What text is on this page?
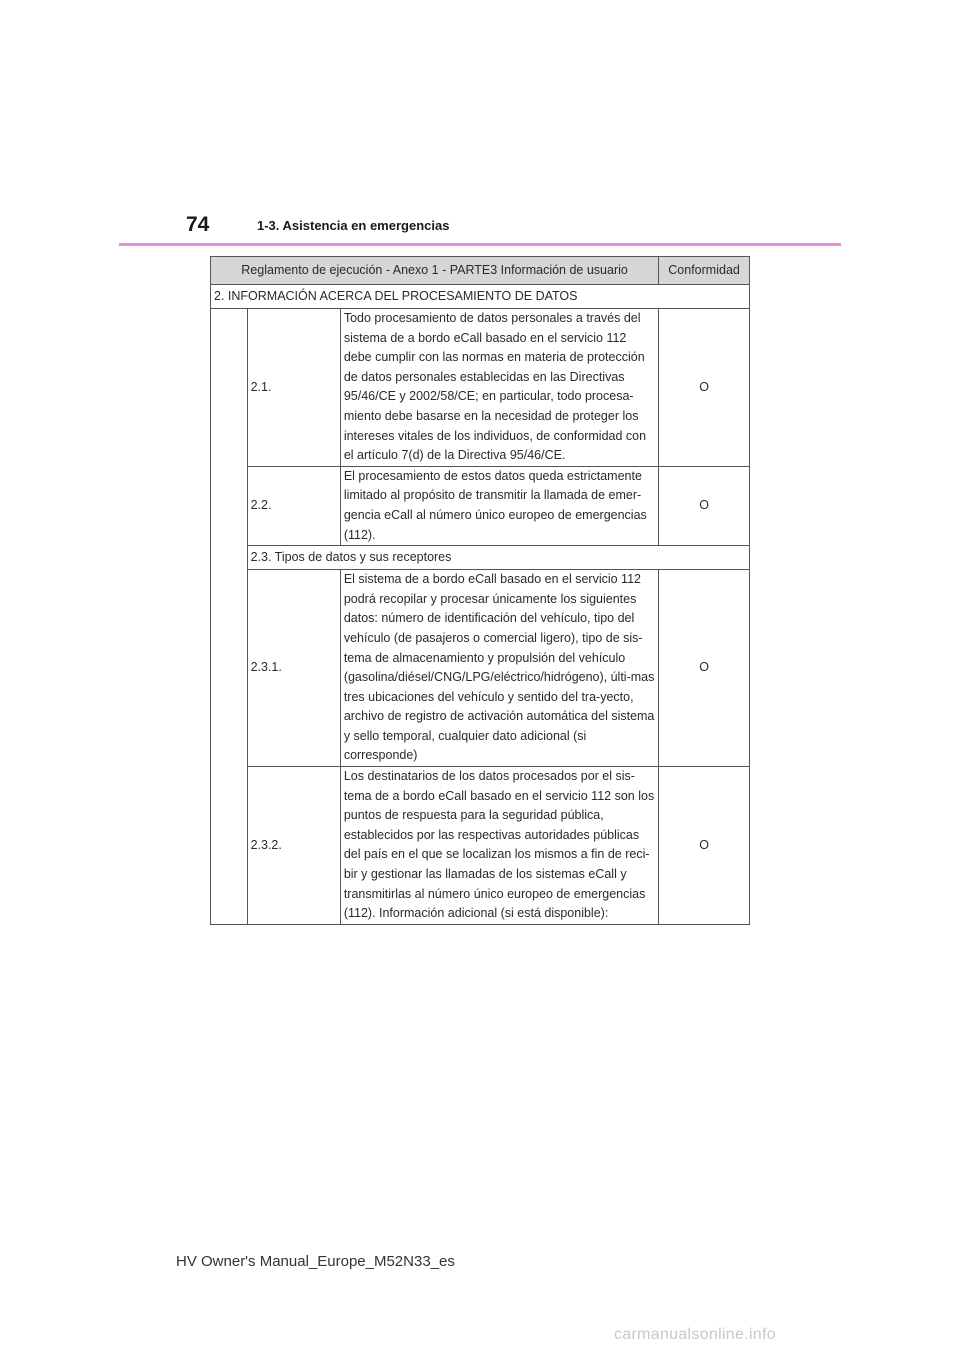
74	1-3. Asistencia en emergencias
Reglamento de ejecución - Anexo 1 - PARTE3 Información de usuario			Conformidad
2. INFORMACIÓN ACERCA DEL PROCESAMIENTO DE DATOS			
	2.1.	Todo procesamiento de datos personales a través del sistema de a bordo eCall basado en el servicio 112 debe cumplir con las normas en materia de protección de datos personales establecidas en las Directivas 95/46/CE y 2002/58/CE; en particular, todo procesa-miento debe basarse en la necesidad de proteger los intereses vitales de los individuos, de conformidad con el artículo 7(d) de la Directiva 95/46/CE.	O
	2.2.	El procesamiento de estos datos queda estrictamente limitado al propósito de transmitir la llamada de emer-gencia eCall al número único europeo de emergencias (112).	O
	2.3. Tipos de datos y sus receptores		
	2.3.1.	El sistema de a bordo eCall basado en el servicio 112 podrá recopilar y procesar únicamente los siguientes datos: número de identificación del vehículo, tipo del vehículo (de pasajeros o comercial ligero), tipo de sis-tema de almacenamiento y propulsión del vehículo (gasolina/diésel/CNG/LPG/eléctrico/hidrógeno), últi-mas tres ubicaciones del vehículo y sentido del tra-yecto, archivo de registro de activación automática del sistema y sello temporal, cualquier dato adicional (si corresponde)	O
	2.3.2.	Los destinatarios de los datos procesados por el sis-tema de a bordo eCall basado en el servicio 112 son los puntos de respuesta para la seguridad pública, establecidos por las respectivas autoridades públicas del país en el que se localizan los mismos a fin de reci-bir y gestionar las llamadas de los sistemas eCall y transmitirlas al número único europeo de emergencias (112). Información adicional (si está disponible):	O
HV Owner's Manual_Europe_M52N33_es
carmanualsonline.info
